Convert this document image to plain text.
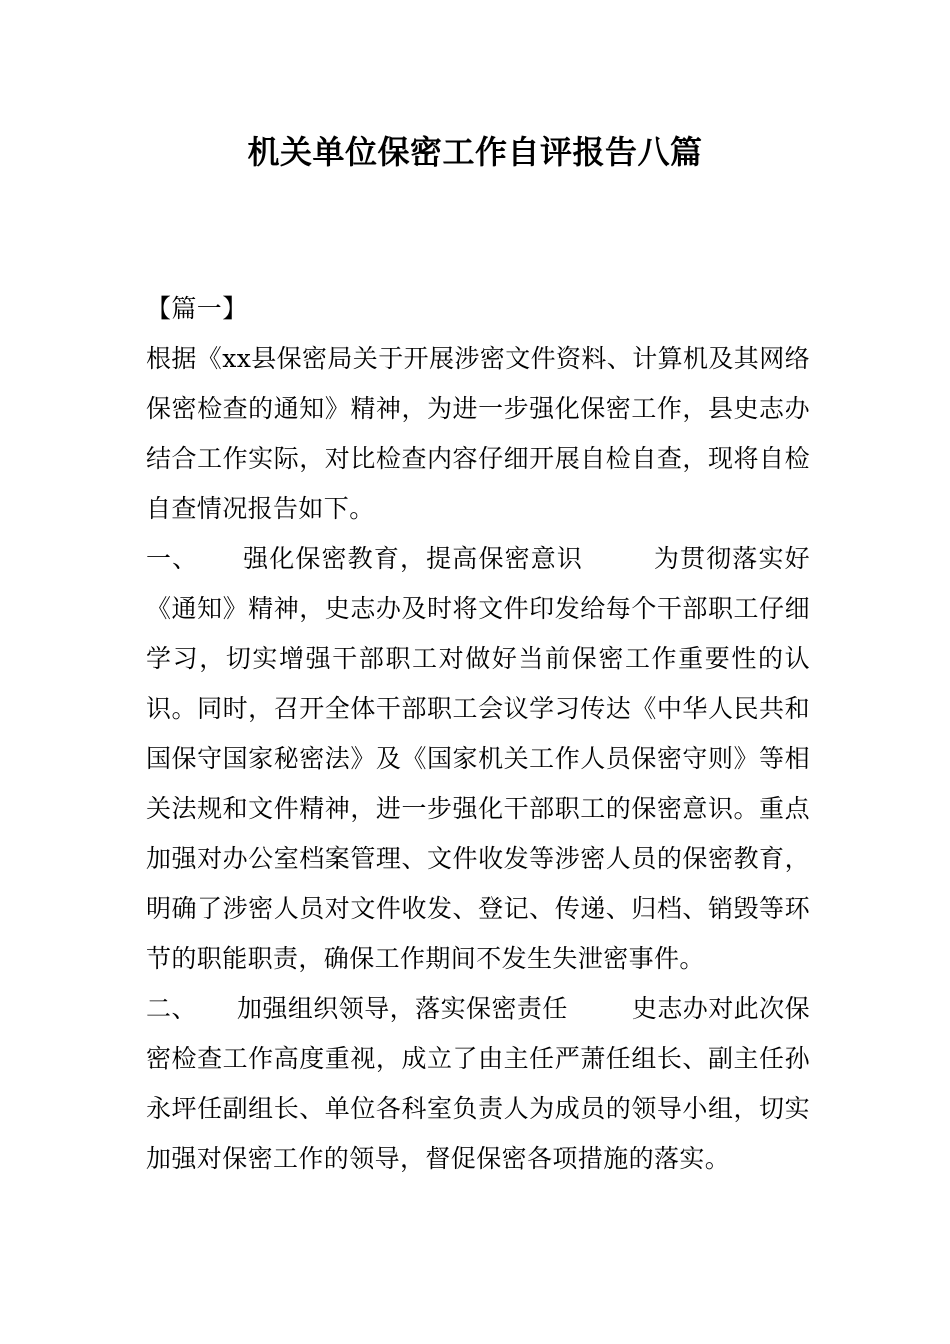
机关单位保密工作自评报告八篇

【篇一】

根据《xx县保密局关于开展涉密文件资料、计算机及其网络保密检查的通知》精神，为进一步强化保密工作，县史志办结合工作实际，对比检查内容仔细开展自检自查，现将自检自查情况报告如下。

一、 强化保密教育，提高保密意识	为贯彻落实好《通知》精神，史志办及时将文件印发给每个干部职工仔细学习，切实增强干部职工对做好当前保密工作重要性的认识。同时，召开全体干部职工会议学习传达《中华人民共和国保守国家秘密法》及《国家机关工作人员保密守则》等相关法规和文件精神，进一步强化干部职工的保密意识。重点加强对办公室档案管理、文件收发等涉密人员的保密教育，明确了涉密人员对文件收发、登记、传递、归档、销毁等环节的职能职责，确保工作期间不发生失泄密事件。

二、 加强组织领导，落实保密责任	史志办对此次保密检查工作高度重视，成立了由主任严萧任组长、副主任孙永坪任副组长、单位各科室负责人为成员的领导小组，切实加强对保密工作的领导，督促保密各项措施的落实。
